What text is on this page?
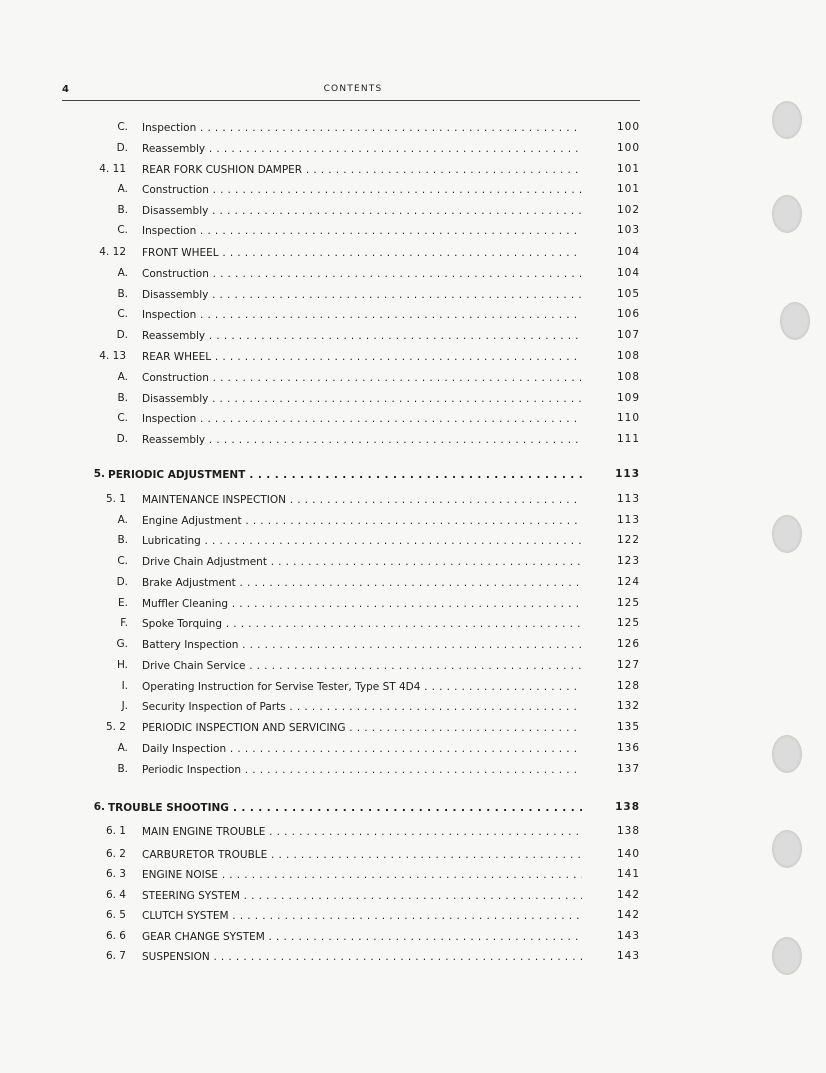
4	CONTENTS
C. Inspection . . .	100
D. Reassembly . . .	100
4. 11 REAR FORK CUSHION DAMPER . . .	101
A. Construction . . .	101
B. Disassembly . . .	102
C. Inspection . . .	103
4. 12 FRONT WHEEL . . .	104
A. Construction . . .	104
B. Disassembly . . .	105
C. Inspection . . .	106
D. Reassembly . . .	107
4. 13 REAR WHEEL . . .	108
A. Construction . . .	108
B. Disassembly . . .	109
C. Inspection . . .	110
D. Reassembly . . .	111
5. PERIODIC ADJUSTMENT . . .	113
5. 1 MAINTENANCE INSPECTION . . .	113
A. Engine Adjustment . . .	113
B. Lubricating . . .	122
C. Drive Chain Adjustment . . .	123
D. Brake Adjustment . . .	124
E. Muffler Cleaning . . .	125
F. Spoke Torquing . . .	125
G. Battery Inspection . . .	126
H. Drive Chain Service . . .	127
I. Operating Instruction for Servise Tester, Type ST 4D4 . . .	128
J. Security Inspection of Parts . . .	132
5. 2 PERIODIC INSPECTION AND SERVICING . . .	135
A. Daily Inspection . . .	136
B. Periodic Inspection . . .	137
6. TROUBLE SHOOTING . . .	138
6. 1 MAIN ENGINE TROUBLE . . .	138
6. 2 CARBURETOR TROUBLE . . .	140
6. 3 ENGINE NOISE . . .	141
6. 4 STEERING SYSTEM . . .	142
6. 5 CLUTCH SYSTEM . . .	142
6. 6 GEAR CHANGE SYSTEM . . .	143
6. 7 SUSPENSION . . .	143
